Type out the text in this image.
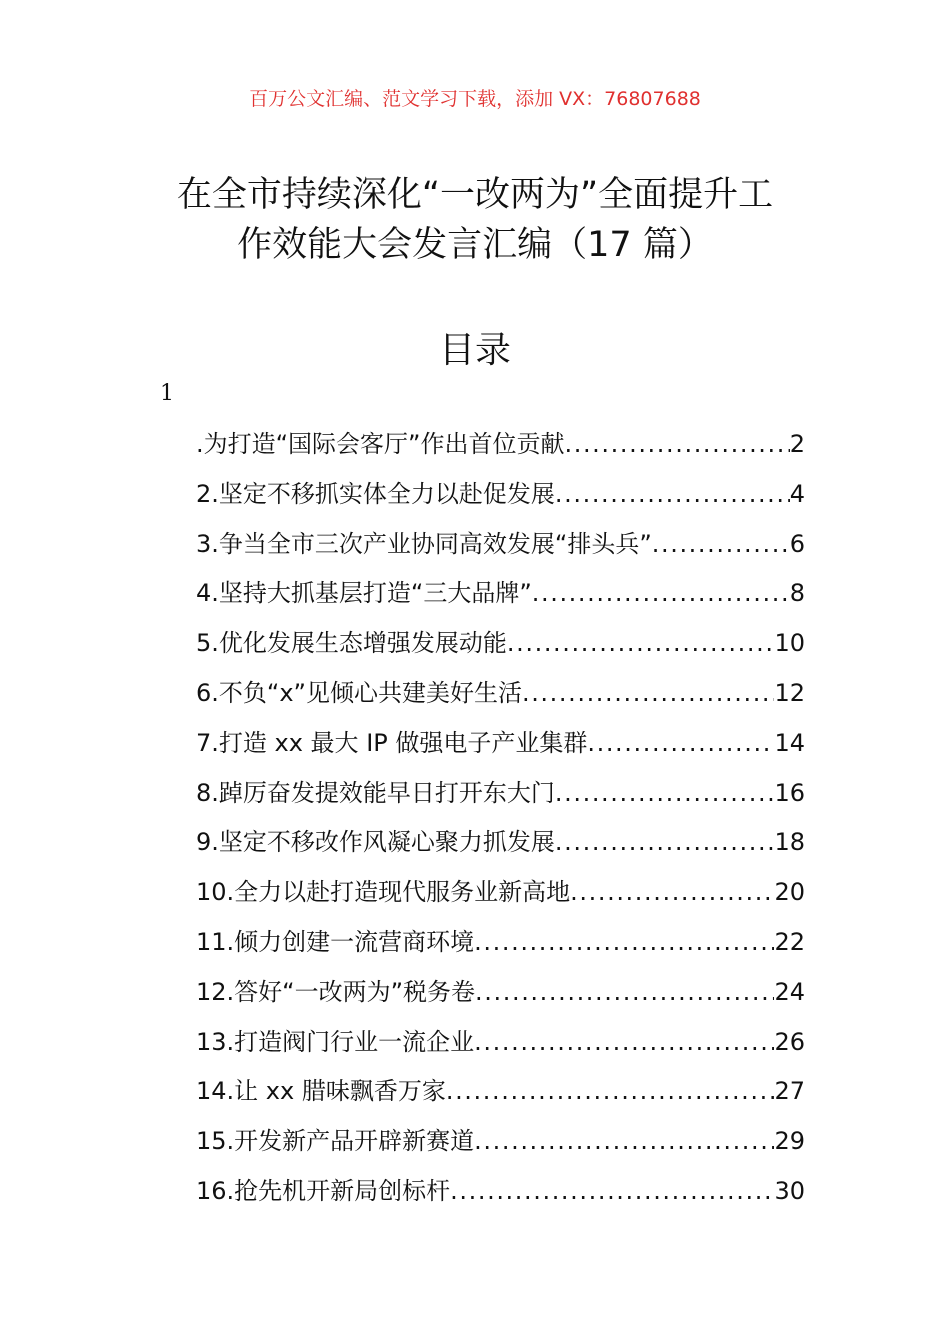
百万公文汇编、范文学习下载，添加 VX：76807688
在全市持续深化“一改两为”全面提升工
作效能大会发言汇编（17 篇）
目录
1
.为打造“国际会客厅”作出首位贡献 .....	2
2.坚定不移抓实体全力以赴促发展 .....	4
3.争当全市三次产业协同高效发展“排头兵” .....	6
4.坚持大抓基层打造“三大品牌” .....	8
5.优化发展生态增强发展动能 .....	10
6.不负“x”见倾心共建美好生活 .....	12
7.打造 xx 最大 IP 做强电子产业集群 .....	14
8.踔厉奋发提效能早日打开东大门 .....	16
9.坚定不移改作风凝心聚力抓发展 .....	18
10.全力以赴打造现代服务业新高地 .....	20
11.倾力创建一流营商环境 .....	22
12.答好“一改两为”税务卷 .....	24
13.打造阀门行业一流企业 .....	26
14.让 xx 腊味飘香万家 .....	27
15.开发新产品开辟新赛道 .....	29
16.抢先机开新局创标杆 .....	30
